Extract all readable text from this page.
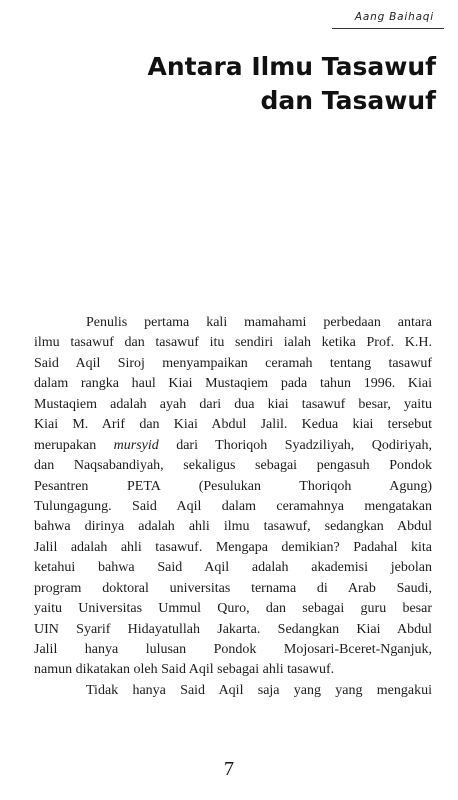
Aang Baihaqi
Antara Ilmu Tasawuf
dan Tasawuf
Penulis pertama kali mamahami perbedaan antara
ilmu tasawuf dan tasawuf itu sendiri ialah ketika Prof. K.H.
Said Aqil Siroj menyampaikan ceramah tentang tasawuf
dalam rangka haul Kiai Mustaqiem pada tahun 1996. Kiai
Mustaqiem adalah ayah dari dua kiai tasawuf besar, yaitu
Kiai M. Arif dan Kiai Abdul Jalil. Kedua kiai tersebut
merupakan mursyid dari Thoriqoh Syadziliyah, Qodiriyah,
dan Naqsabandiyah, sekaligus sebagai pengasuh Pondok
Pesantren PETA (Pesulukan Thoriqoh Agung)
Tulungagung. Said Aqil dalam ceramahnya mengatakan
bahwa dirinya adalah ahli ilmu tasawuf, sedangkan Abdul
Jalil adalah ahli tasawuf. Mengapa demikian? Padahal kita
ketahui bahwa Said Aqil adalah akademisi jebolan
program doktoral universitas ternama di Arab Saudi,
yaitu Universitas Ummul Quro, dan sebagai guru besar
UIN Syarif Hidayatullah Jakarta. Sedangkan Kiai Abdul
Jalil hanya lulusan Pondok Mojosari-Bceret-Nganjuk,
namun dikatakan oleh Said Aqil sebagai ahli tasawuf.
Tidak hanya Said Aqil saja yang yang mengakui
7
